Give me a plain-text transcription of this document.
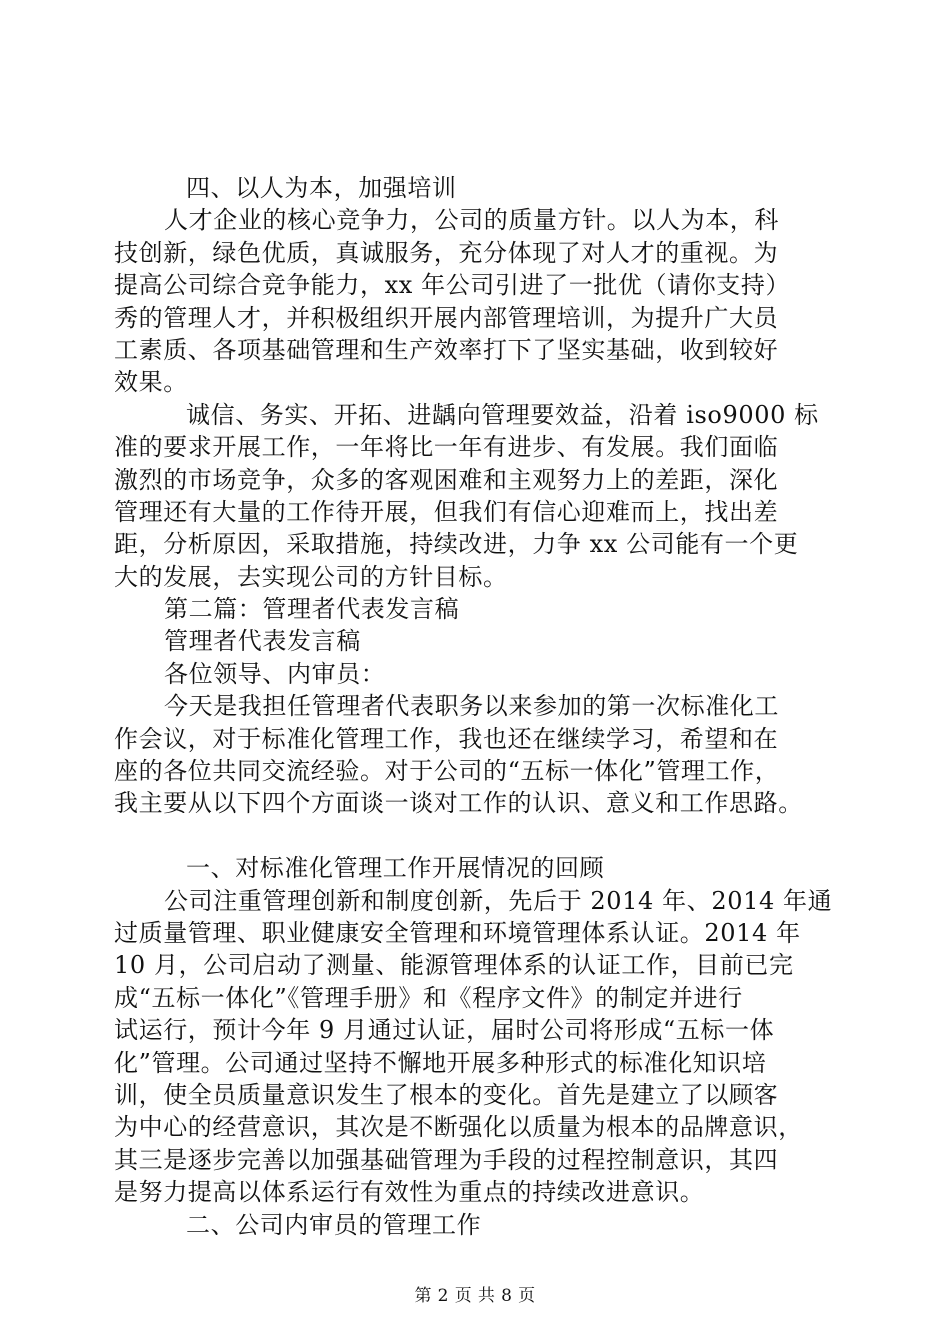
四、以人为本，加强培训
人才企业的核心竞争力，公司的质量方针。以人为本，科
技创新，绿色优质，真诚服务，充分体现了对人才的重视。为
提高公司综合竞争能力，xx 年公司引进了一批优（请你支持）
秀的管理人才，并积极组织开展内部管理培训，为提升广大员
工素质、各项基础管理和生产效率打下了坚实基础，收到较好
效果。
诚信、务实、开拓、进龋向管理要效益，沿着 iso9000 标
准的要求开展工作，一年将比一年有进步、有发展。我们面临
激烈的市场竞争，众多的客观困难和主观努力上的差距，深化
管理还有大量的工作待开展，但我们有信心迎难而上，找出差
距，分析原因，采取措施，持续改进，力争 xx 公司能有一个更
大的发展，去实现公司的方针目标。
第二篇：管理者代表发言稿
管理者代表发言稿
各位领导、内审员：
今天是我担任管理者代表职务以来参加的第一次标准化工
作会议，对于标准化管理工作，我也还在继续学习，希望和在
座的各位共同交流经验。对于公司的“五标一体化”管理工作，
我主要从以下四个方面谈一谈对工作的认识、意义和工作思路。
一、对标准化管理工作开展情况的回顾
公司注重管理创新和制度创新，先后于 2014 年、2014 年通
过质量管理、职业健康安全管理和环境管理体系认证。2014 年
10 月，公司启动了测量、能源管理体系的认证工作，目前已完
成“五标一体化”《管理手册》和《程序文件》的制定并进行
试运行，预计今年 9 月通过认证，届时公司将形成“五标一体
化”管理。公司通过坚持不懈地开展多种形式的标准化知识培
训，使全员质量意识发生了根本的变化。首先是建立了以顾客
为中心的经营意识，其次是不断强化以质量为根本的品牌意识，
其三是逐步完善以加强基础管理为手段的过程控制意识，其四
是努力提高以体系运行有效性为重点的持续改进意识。
二、公司内审员的管理工作
第 2 页 共 8 页
